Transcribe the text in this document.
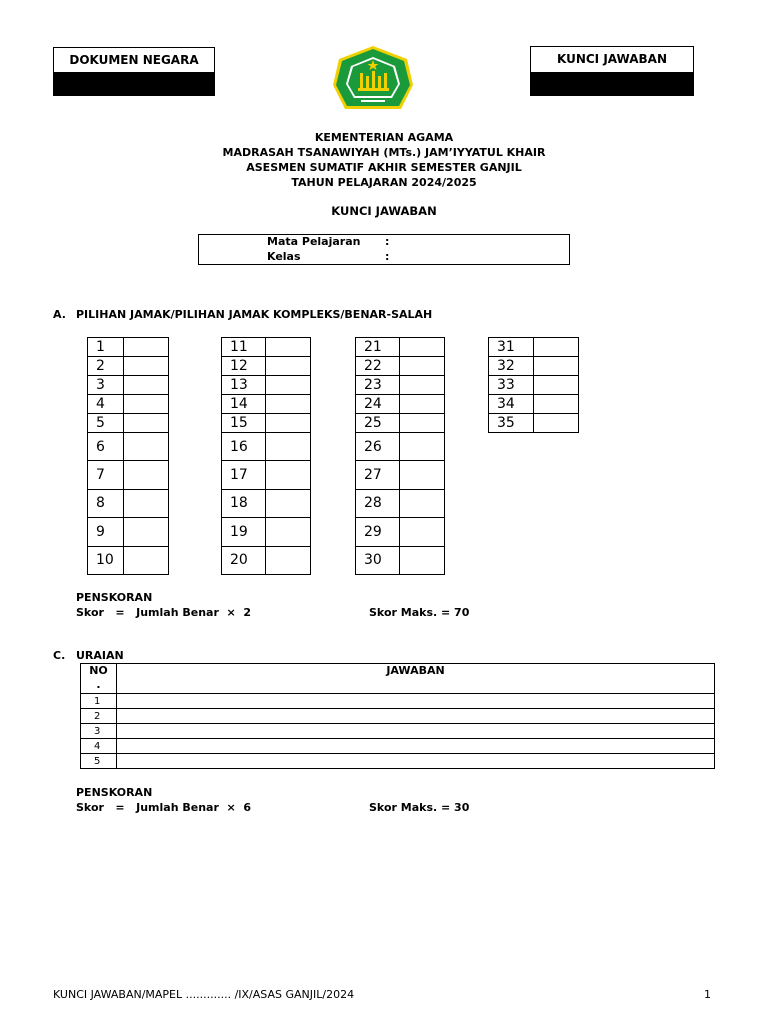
DOKUMEN NEGARA	KUNCI JAWABAN
KEMENTERIAN AGAMA
MADRASAH TSANAWIYAH (MTs.) JAM’IYYATUL KHAIR
ASESMEN SUMATIF AKHIR SEMESTER GANJIL
TAHUN PELAJARAN 2024/2025
KUNCI JAWABAN
Mata Pelajaran :
Kelas	:
A. PILIHAN JAMAK/PILIHAN JAMAK KOMPLEKS/BENAR-SALAH
1	
2	
3	
4	
5	
6	
7	
8	
9	
10	
11	
12	
13	
14	
15	
16	
17	
18	
19	
20	
21	
22	
23	
24	
25	
26	
27	
28	
29	
30	
31	
32	
33	
34	
35	
PENSKORAN
Skor   =   Jumlah Benar  ×  2	Skor Maks. = 70
C. URAIAN
NO
.	JAWABAN
1	
2	
3	
4	
5	
PENSKORAN
Skor   =   Jumlah Benar  ×  6	Skor Maks. = 30
KUNCI JAWABAN/MAPEL ............. /IX/ASAS GANJIL/2024	1
